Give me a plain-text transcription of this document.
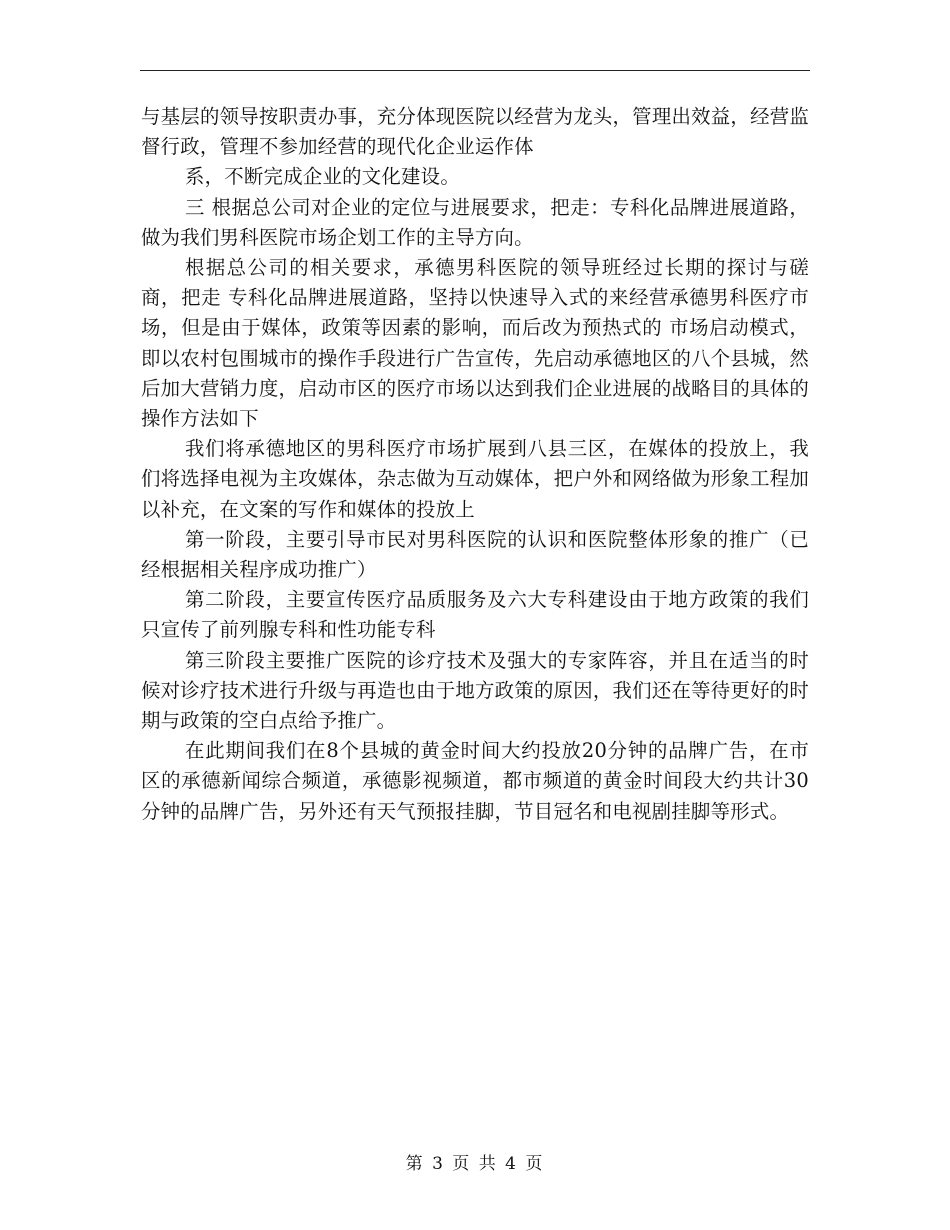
与基层的领导按职责办事，充分体现医院以经营为龙头，管理出效益，经营监督行政，管理不参加经营的现代化企业运作体

系，不断完成企业的文化建设。

三 根据总公司对企业的定位与进展要求，把走：专科化品牌进展道路，做为我们男科医院市场企划工作的主导方向。

根据总公司的相关要求，承德男科医院的领导班经过长期的探讨与磋商，把走 专科化品牌进展道路，坚持以快速导入式的来经营承德男科医疗市场，但是由于媒体，政策等因素的影响，而后改为预热式的 市场启动模式，即以农村包围城市的操作手段进行广告宣传，先启动承德地区的八个县城，然后加大营销力度，启动市区的医疗市场以达到我们企业进展的战略目的具体的操作方法如下

我们将承德地区的男科医疗市场扩展到八县三区，在媒体的投放上，我们将选择电视为主攻媒体，杂志做为互动媒体，把户外和网络做为形象工程加以补充，在文案的写作和媒体的投放上

第一阶段，主要引导市民对男科医院的认识和医院整体形象的推广（已经根据相关程序成功推广）

第二阶段，主要宣传医疗品质服务及六大专科建设由于地方政策的我们只宣传了前列腺专科和性功能专科

第三阶段主要推广医院的诊疗技术及强大的专家阵容，并且在适当的时候对诊疗技术进行升级与再造也由于地方政策的原因，我们还在等待更好的时期与政策的空白点给予推广。

在此期间我们在8个县城的黄金时间大约投放20分钟的品牌广告，在市区的承德新闻综合频道，承德影视频道，都市频道的黄金时间段大约共计30分钟的品牌广告，另外还有天气预报挂脚，节目冠名和电视剧挂脚等形式。

第 3 页 共 4 页
